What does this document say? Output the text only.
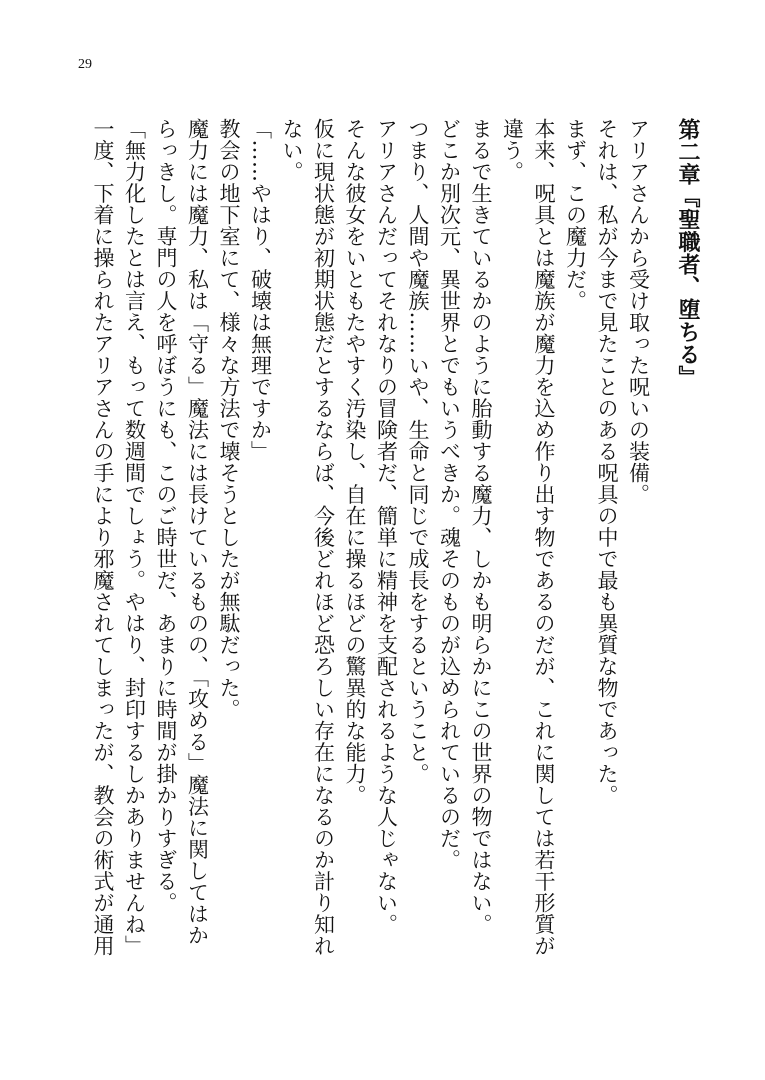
29
第二章『聖職者、堕ちる』
アリアさんから受け取った呪いの装備。
それは、私が今まで見たことのある呪具の中で最も異質な物であった。
まず、この魔力だ。
本来、呪具とは魔族が魔力を込め作り出す物であるのだが、これに関しては若干形質が
違う。
まるで生きているかのように胎動する魔力、しかも明らかにこの世界の物ではない。
どこか別次元、異世界とでもいうべきか。魂そのものが込められているのだ。
つまり、人間や魔族……いや、生命と同じで成長をするということ。
アリアさんだってそれなりの冒険者だ、簡単に精神を支配されるような人じゃない。
そんな彼女をいともたやすく汚染し、自在に操るほどの驚異的な能力。
仮に現状態が初期状態だとするならば、今後どれほど恐ろしい存在になるのか計り知れ
ない。
「……やはり、破壊は無理ですか」
教会の地下室にて、様々な方法で壊そうとしたが無駄だった。
魔力には魔力、私は「守る」魔法には長けているものの、「攻める」魔法に関してはか
らっきし。専門の人を呼ぼうにも、このご時世だ、あまりに時間が掛かりすぎる。
「無力化したとは言え、もって数週間でしょう。やはり、封印するしかありませんね」
一度、下着に操られたアリアさんの手により邪魔されてしまったが、教会の術式が通用
